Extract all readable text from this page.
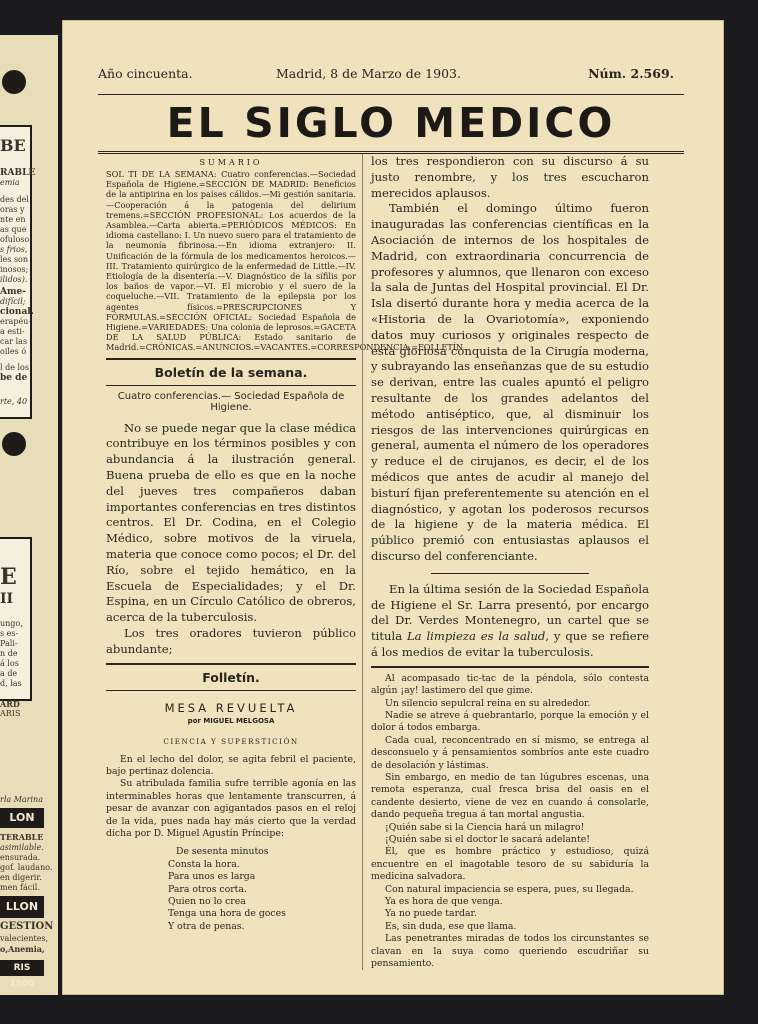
BE
RABLE
emia
des del
oras y
nte en
as que
ofuloso
s frios,
les son
inosos;
ilidos).
Ame-
difícil;
cional.
erapéu-
a esti-
car las
oiles ó
l de los
be de
rte, 40
E
II
ungo,
s es-
Pali-
n de
á los
a de
d, las
ARD
ARIS
rla Marina
LON
TERABLE
asimilable.
ensurada.
gof. laudano.
en digerir.
men fácil.
LLON
GESTION
valecientes,
o,Anemia,
RIS 1900
Año cincuenta.	Madrid, 8 de Marzo de 1903.	Núm. 2.569.
EL SIGLO MEDICO
SUMARIO

SOL TI DE LA SEMANA: Cuatro conferencias.—Sociedad Española de Higiene.=SECCIÓN DE MADRID: Beneficios de la antipirina en los países cálidos.—Mi gestión sanitaria.—Cooperación á la patogenia del delirium tremens.=SECCIÓN PROFESIONAL: Los acuerdos de la Asamblea.—Carta abierta.=PERIÓDICOS MÉDICOS: En idioma castellano: I. Un nuevo suero para el tratamiento de la neumonía fibrinosa.—En idioma extranjero: II. Unificación de la fórmula de los medicamentos heroicos.—III. Tratamiento quirúrgico de la enfermedad de Little.—IV. Etiología de la disentería.—V. Diagnóstico de la sífilis por los baños de vapor.—VI. El microbio y el suero de la coqueluche.—VII. Tratamiento de la epilepsia por los agentes físicos.=PRESCRIPCIONES Y FÓRMULAS.=SECCIÓN OFICIAL: Sociedad Española de Higiene.=VARIEDADES: Una colonia de leprosos.=GACETA DE LA SALUD PÚBLICA: Estado sanitario de Madrid.=CRÓNICAS.=ANUNCIOS.=VACANTES.=CORRESPONDENCIA.=FOLLETÍN.

Boletín de la semana.
Cuatro conferencias.— Sociedad Española de Higiene.

No se puede negar que la clase médica contribuye en los términos posibles y con abundancia á la ilustración general. Buena prueba de ello es que en la noche del jueves tres compañeros daban importantes conferencias en tres distintos centros. El Dr. Codina, en el Colegio Médico, sobre motivos de la viruela, materia que conoce como pocos; el Dr. del Río, sobre el tejido hemático, en la Escuela de Especialidades; y el Dr. Espina, en un Círculo Católico de obreros, acerca de la tuberculosis.

Los tres oradores tuvieron público abundante;

Folletín.
MESA REVUELTA
por MIGUEL MELGOSA
CIENCIA Y SUPERSTICIÓN

En el lecho del dolor, se agita febril el paciente, bajo pertinaz dolencia.

Su atribulada familia sufre terrible agonía en las interminables horas que lentamente transcurren, á pesar de avanzar con agigantados pasos en el reloj de la vida, pues nada hay más cierto que la verdad dicha por D. Miguel Agustín Príncipe:

De sesenta minutos
Consta la hora.
Para unos es larga
Para otros corta.
Quien no lo crea
Tenga una hora de goces
Y otra de penas.

los tres respondieron con su discurso á su justo renombre, y los tres escucharon merecidos aplausos.

También el domingo último fueron inauguradas las conferencias científicas en la Asociación de internos de los hospitales de Madrid, con extraordinaria concurrencia de profesores y alumnos, que llenaron con exceso la sala de Juntas del Hospital provincial. El Dr. Isla disertó durante hora y media acerca de la «Historia de la Ovariotomía», exponiendo datos muy curiosos y originales respecto de esta gloriosa conquista de la Cirugía moderna, y subrayando las enseñanzas que de su estudio se derivan, entre las cuales apuntó el peligro resultante de los grandes adelantos del método antiséptico, que, al disminuir los riesgos de las intervenciones quirúrgicas en general, aumenta el número de los operadores y reduce el de cirujanos, es decir, el de los médicos que antes de acudir al manejo del bisturí fijan preferentemente su atención en el diagnóstico, y agotan los poderosos recursos de la higiene y de la materia médica. El público premió con entusiastas aplausos el discurso del conferenciante.

En la última sesión de la Sociedad Española de Higiene el Sr. Larra presentó, por encargo del Dr. Verdes Montenegro, un cartel que se titula La limpieza es la salud, y que se refiere á los medios de evitar la tuberculosis.

Al acompasado tic-tac de la péndola, sólo contesta algún ¡ay! lastimero del que gime.

Un silencio sepulcral reina en su alrededor.

Nadie se atreve á quebrantarlo, porque la emoción y el dolor á todos embarga.

Cada cual, reconcentrado en sí mismo, se entrega al desconsuelo y á pensamientos sombríos ante este cuadro de desolación y lástimas.

Sin embargo, en medio de tan lúgubres escenas, una remota esperanza, cual fresca brisa del oasis en el candente desierto, viene de vez en cuando á consolarle, dando pequeña tregua á tan mortal angustia.

¡Quién sabe si la Ciencia hará un milagro!

¡Quién sabe si el doctor le sacará adelante!

Él, que es hombre práctico y estudioso, quizá encuentre en el inagotable tesoro de su sabiduría la medicina salvadora.

Con natural impaciencia se espera, pues, su llegada.

Ya es hora de que venga.

Ya no puede tardar.

Es, sin duda, ese que llama.

Las penetrantes miradas de todos los circunstantes se clavan en la suya como queriendo escudriñar su pensamiento.
